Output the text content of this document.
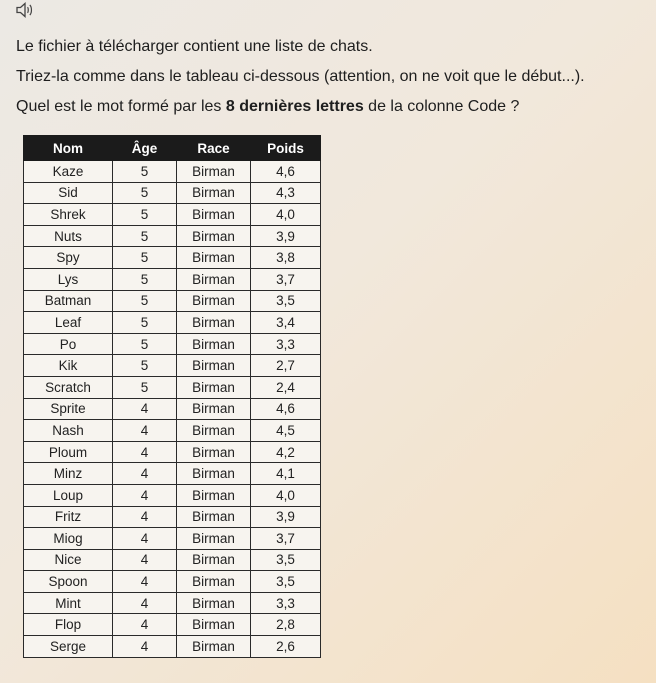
Le fichier à télécharger contient une liste de chats.
Triez-la comme dans le tableau ci-dessous (attention, on ne voit que le début...).
Quel est le mot formé par les 8 dernières lettres de la colonne Code ?
Nom	Âge	Race	Poids
Kaze	5	Birman	4,6
Sid	5	Birman	4,3
Shrek	5	Birman	4,0
Nuts	5	Birman	3,9
Spy	5	Birman	3,8
Lys	5	Birman	3,7
Batman	5	Birman	3,5
Leaf	5	Birman	3,4
Po	5	Birman	3,3
Kik	5	Birman	2,7
Scratch	5	Birman	2,4
Sprite	4	Birman	4,6
Nash	4	Birman	4,5
Ploum	4	Birman	4,2
Minz	4	Birman	4,1
Loup	4	Birman	4,0
Fritz	4	Birman	3,9
Miog	4	Birman	3,7
Nice	4	Birman	3,5
Spoon	4	Birman	3,5
Mint	4	Birman	3,3
Flop	4	Birman	2,8
Serge	4	Birman	2,6
